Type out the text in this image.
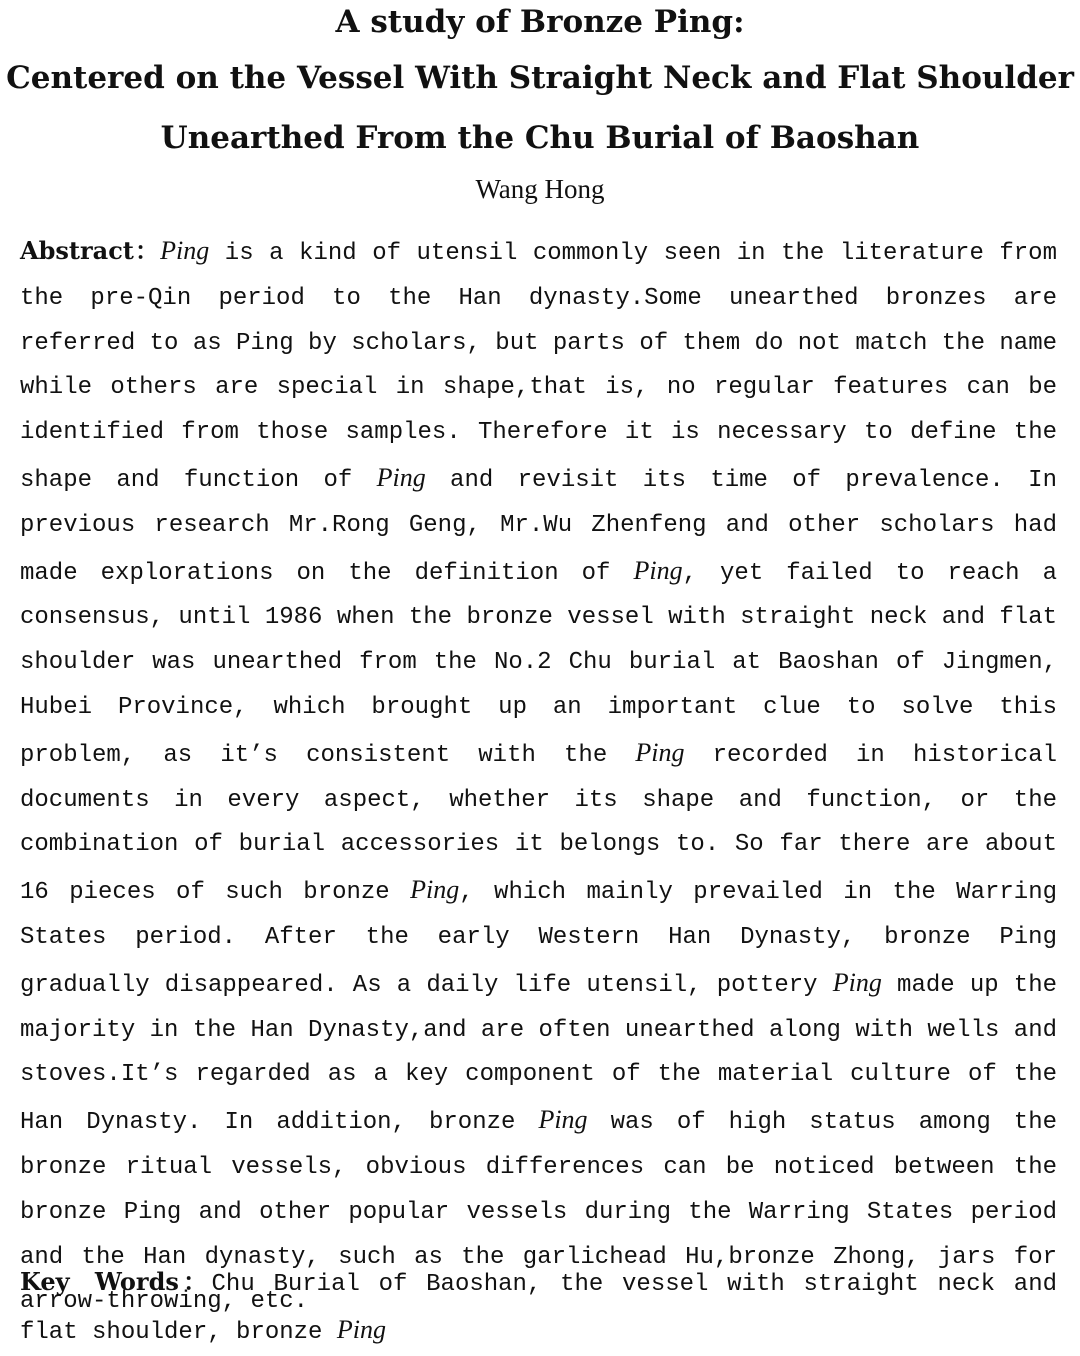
A study of Bronze Ping:
Centered on the Vessel With Straight Neck and Flat Shoulder
Unearthed From the Chu Burial of Baoshan

Wang Hong

Abstract：Ping is a kind of utensil commonly seen in the literature from the pre-Qin period to the Han dynasty.Some unearthed bronzes are referred to as Ping by scholars, but parts of them do not match the name while others are special in shape,that is, no regular features can be identified from those samples. Therefore it is necessary to define the shape and function of Ping and revisit its time of prevalence. In previous research Mr.Rong Geng, Mr.Wu Zhenfeng and other scholars had made explorations on the definition of Ping, yet failed to reach a consensus, until 1986 when the bronze vessel with straight neck and flat shoulder was unearthed from the No.2 Chu burial at Baoshan of Jingmen, Hubei Province, which brought up an important clue to solve this problem, as it’s consistent with the Ping recorded in historical documents in every aspect, whether its shape and function, or the combination of burial accessories it belongs to. So far there are about 16 pieces of such bronze Ping, which mainly prevailed in the Warring States period. After the early Western Han Dynasty, bronze Ping gradually disappeared. As a daily life utensil, pottery Ping made up the majority in the Han Dynasty,and are often unearthed along with wells and stoves.It’s regarded as a key component of the material culture of the Han Dynasty. In addition, bronze Ping was of high status among the bronze ritual vessels, obvious differences can be noticed between the bronze Ping and other popular vessels during the Warring States period and the Han dynasty, such as the garlichead Hu,bronze Zhong, jars for arrow-throwing, etc.

Key  Words：Chu Burial of Baoshan, the vessel with straight neck and flat shoulder, bronze Ping
